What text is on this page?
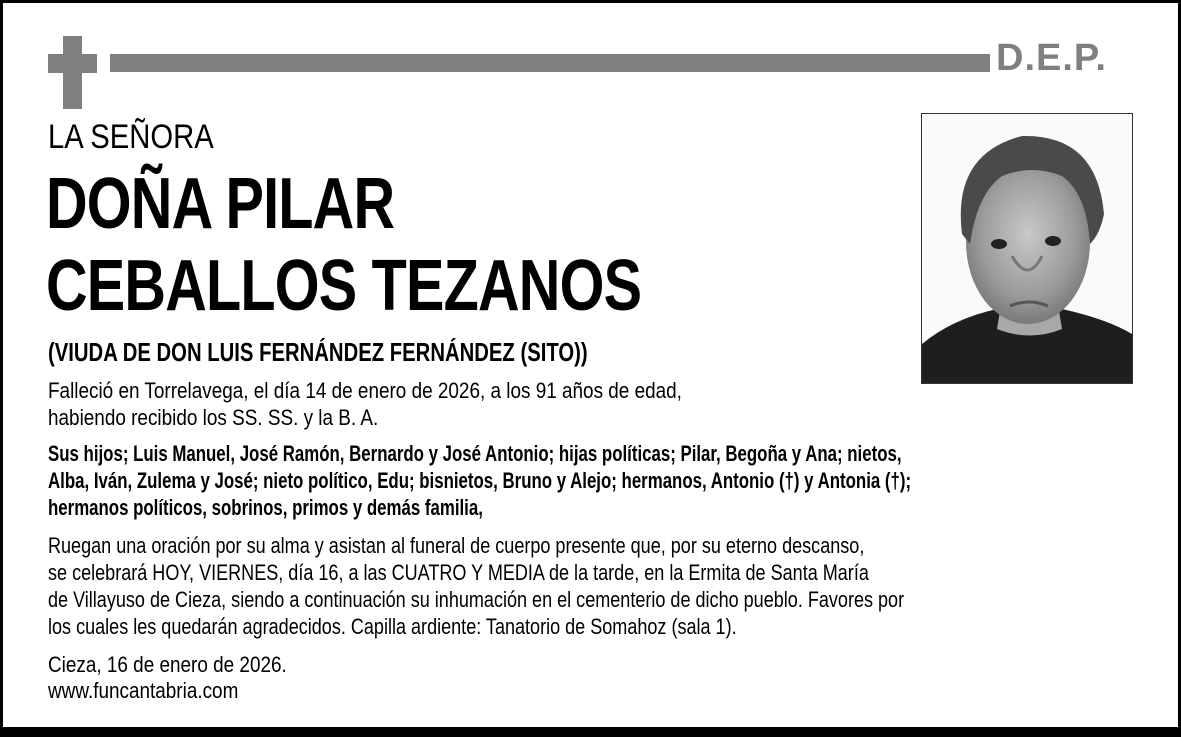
D.E.P.
LA SEÑORA
DOÑA PILAR
CEBALLOS TEZANOS
(VIUDA DE DON LUIS FERNÁNDEZ FERNÁNDEZ (SITO))
Falleció en Torrelavega, el día 14 de enero de 2026, a los 91 años de edad,
habiendo recibido los SS. SS. y la B. A.
Sus hijos; Luis Manuel, José Ramón, Bernardo y José Antonio; hijas políticas; Pilar, Begoña y Ana; nietos,
Alba, Iván, Zulema y José; nieto político, Edu; bisnietos, Bruno y Alejo; hermanos, Antonio (†) y Antonia (†);
hermanos políticos, sobrinos, primos y demás familia,
Ruegan una oración por su alma y asistan al funeral de cuerpo presente que, por su eterno descanso,
se celebrará HOY, VIERNES, día 16, a las CUATRO Y MEDIA de la tarde, en la Ermita de Santa María
de Villayuso de Cieza, siendo a continuación su inhumación en el cementerio de dicho pueblo. Favores por
los cuales les quedarán agradecidos. Capilla ardiente: Tanatorio de Somahoz (sala 1).
Cieza, 16 de enero de 2026.
www.funcantabria.com
